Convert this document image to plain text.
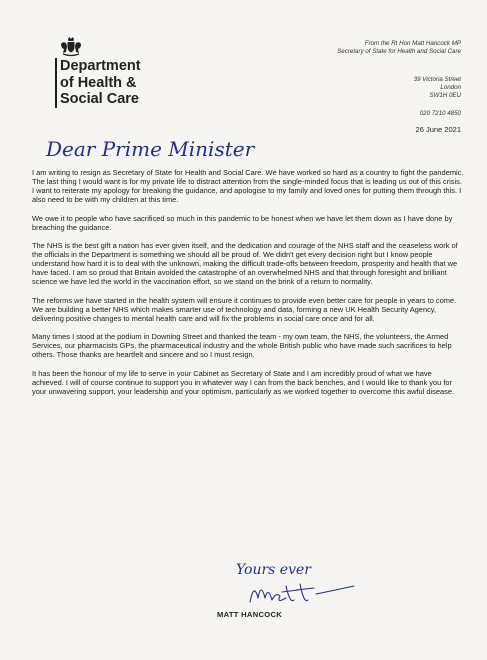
Department
of Health &
Social Care
From the Rt Hon Matt Hancock MP
Secretary of State for Health and Social Care
39 Victoria Street
London
SW1H 0EU
020 7210 4850
26 June 2021
Dear Prime Minister

I am writing to resign as Secretary of State for Health and Social Care. We have worked so hard as a country to fight the pandemic. The last thing I would want is for my private life to distract attention from the single-minded focus that is leading us out of this crisis. I want to reiterate my apology for breaking the guidance, and apologise to my family and loved ones for putting them through this. I also need to be with my children at this time.

We owe it to people who have sacrificed so much in this pandemic to be honest when we have let them down as I have done by breaching the guidance.

The NHS is the best gift a nation has ever given itself, and the dedication and courage of the NHS staff and the ceaseless work of the officials in the Department is something we should all be proud of. We didn't get every decision right but I know people understand how hard it is to deal with the unknown, making the difficult trade-offs between freedom, prosperity and health that we have faced. I am so proud that Britain avoided the catastrophe of an overwhelmed NHS and that through foresight and brilliant science we have led the world in the vaccination effort, so we stand on the brink of a return to normality.

The reforms we have started in the health system will ensure it continues to provide even better care for people in years to come. We are building a better NHS which makes smarter use of technology and data, forming a new UK Health Security Agency, delivering positive changes to mental health care and will fix the problems in social care once and for all.

Many times I stood at the podium in Downing Street and thanked the team - my own team, the NHS, the volunteers, the Armed Services, our pharmacists GPs, the pharmaceutical industry and the whole British public who have made such sacrifices to help others. Those thanks are heartfelt and sincere and so I must resign.

It has been the honour of my life to serve in your Cabinet as Secretary of State and I am incredibly proud of what we have achieved. I will of course continue to support you in whatever way I can from the back benches, and I would like to thank you for your unwavering support, your leadership and your optimism, particularly as we worked together to overcome this awful disease.

Yours ever
MATT HANCOCK
